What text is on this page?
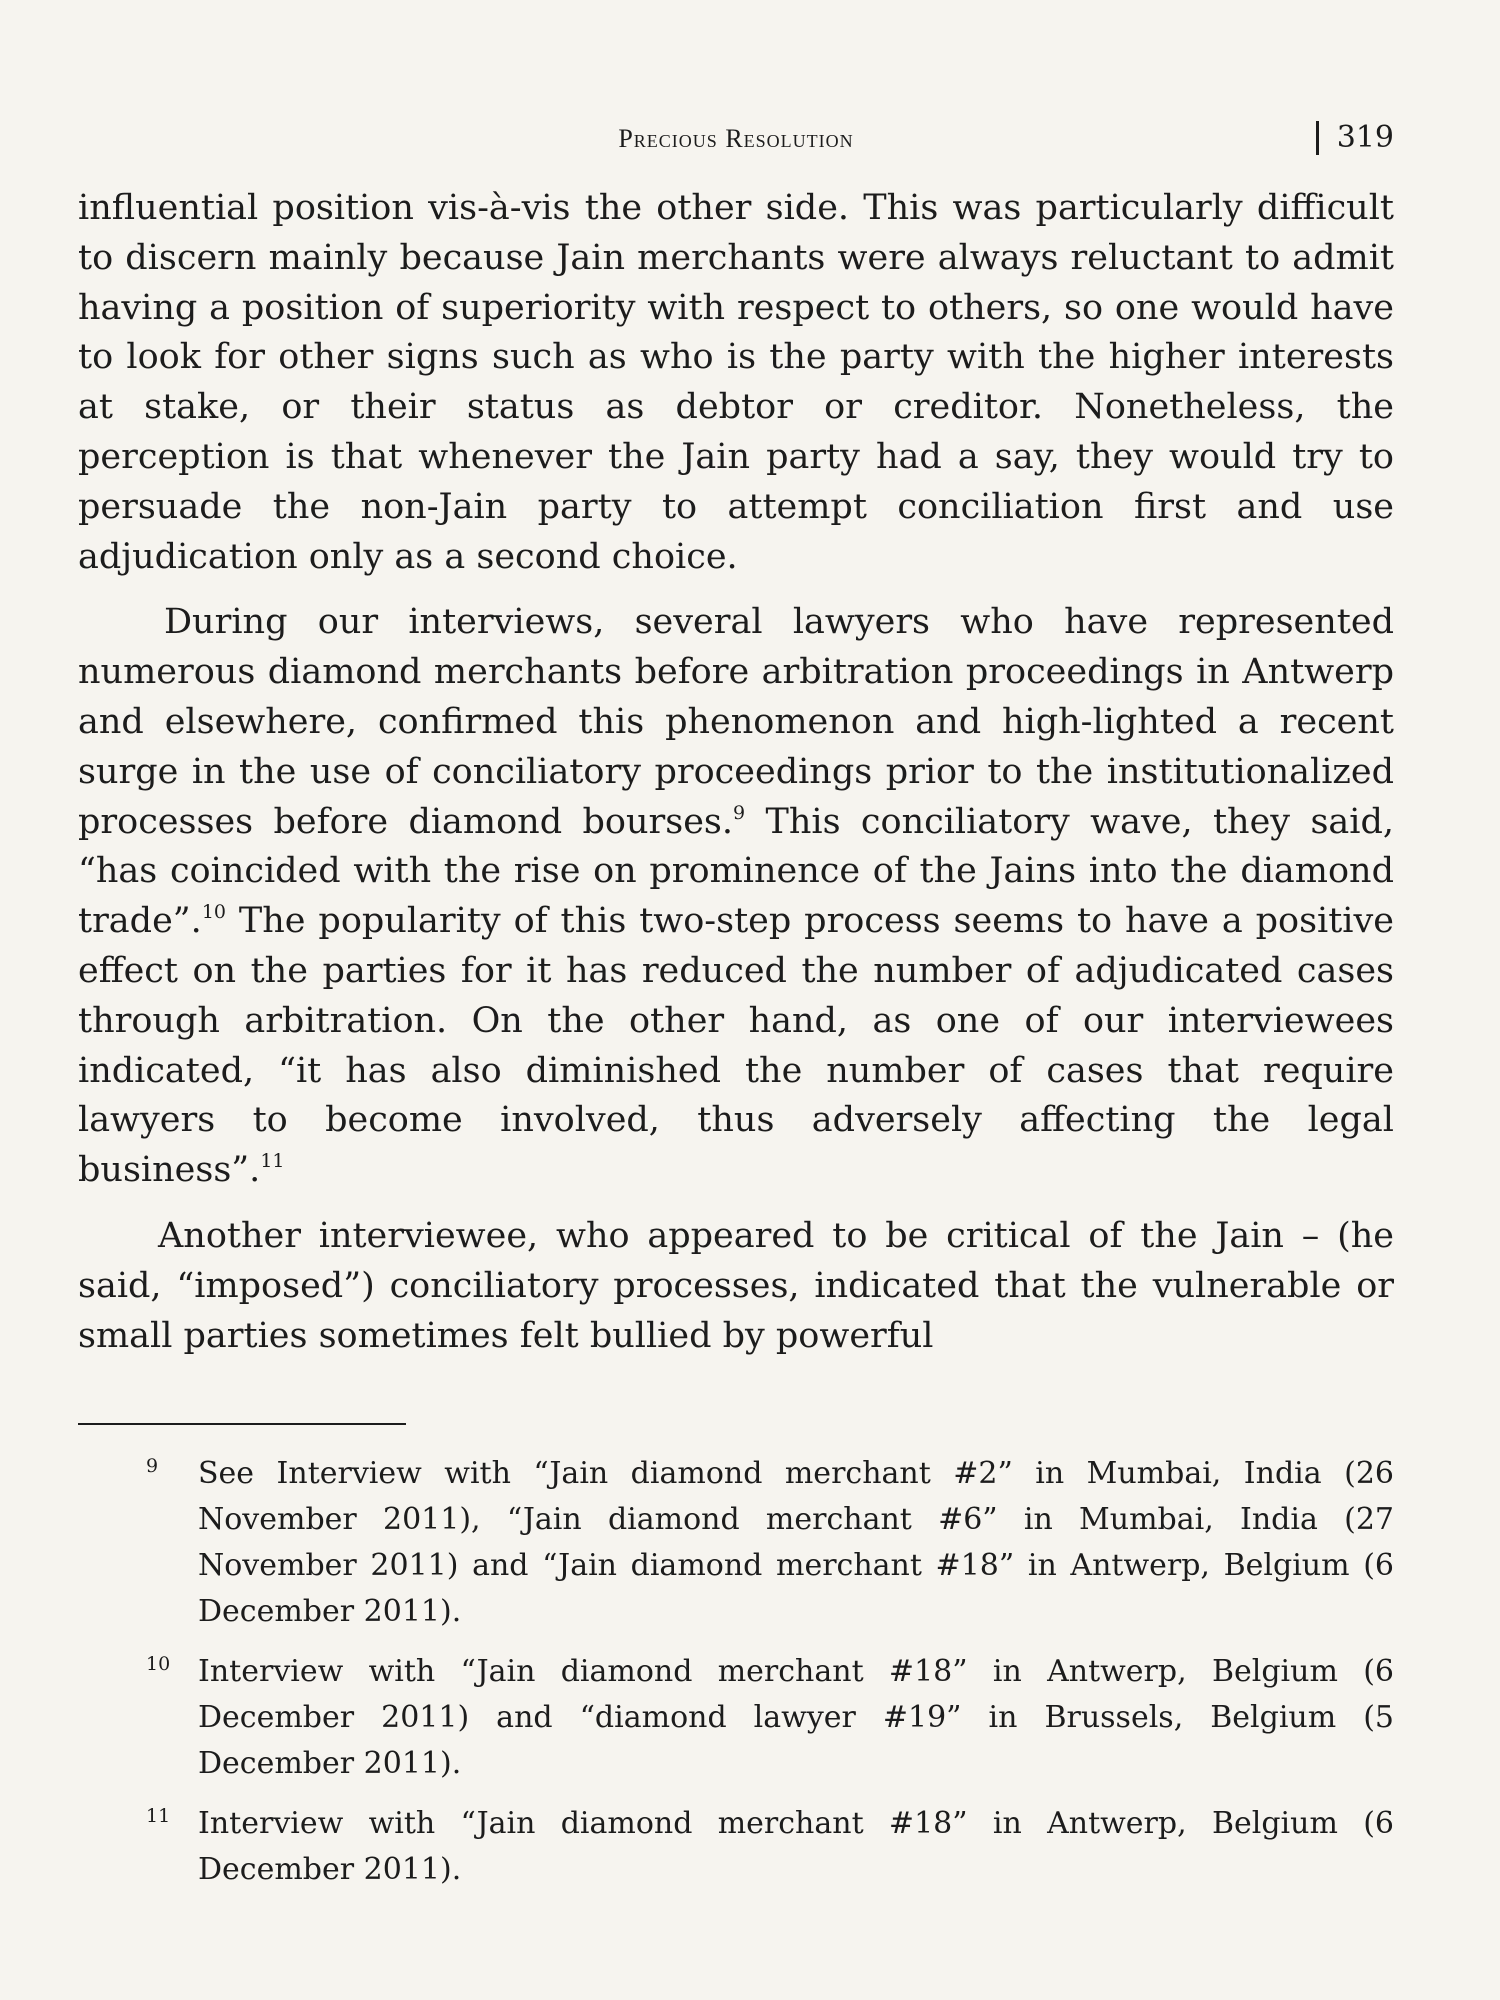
Precious Resolution	319

influential position vis-à-vis the other side. This was particularly difficult to discern mainly because Jain merchants were always reluctant to admit having a position of superiority with respect to others, so one would have to look for other signs such as who is the party with the higher interests at stake, or their status as debtor or creditor. Nonetheless, the perception is that whenever the Jain party had a say, they would try to persuade the non-Jain party to attempt conciliation first and use adjudication only as a second choice.

During our interviews, several lawyers who have represented numerous diamond merchants before arbitration proceedings in Antwerp and elsewhere, confirmed this phenomenon and high-lighted a recent surge in the use of conciliatory proceedings prior to the institutionalized processes before diamond bourses.$^9$ This conciliatory wave, they said, “has coincided with the rise on prominence of the Jains into the diamond trade”.$^{10}$ The popularity of this two-step process seems to have a positive effect on the parties for it has reduced the number of adjudicated cases through arbitration. On the other hand, as one of our interviewees indicated, “it has also diminished the number of cases that require lawyers to become involved, thus adversely affecting the legal business”.$^{11}$

Another interviewee, who appeared to be critical of the Jain – (he said, “imposed”) conciliatory processes, indicated that the vulnerable or small parties sometimes felt bullied by powerful

9	See Interview with “Jain diamond merchant #2” in Mumbai, India (26 November 2011), “Jain diamond merchant #6” in Mumbai, India (27 November 2011) and “Jain diamond merchant #18” in Antwerp, Belgium (6 December 2011).
10 Interview with “Jain diamond merchant #18” in Antwerp, Belgium (6 December 2011) and “diamond lawyer #19” in Brussels, Belgium (5 December 2011).
11 Interview with “Jain diamond merchant #18” in Antwerp, Belgium (6 December 2011).
